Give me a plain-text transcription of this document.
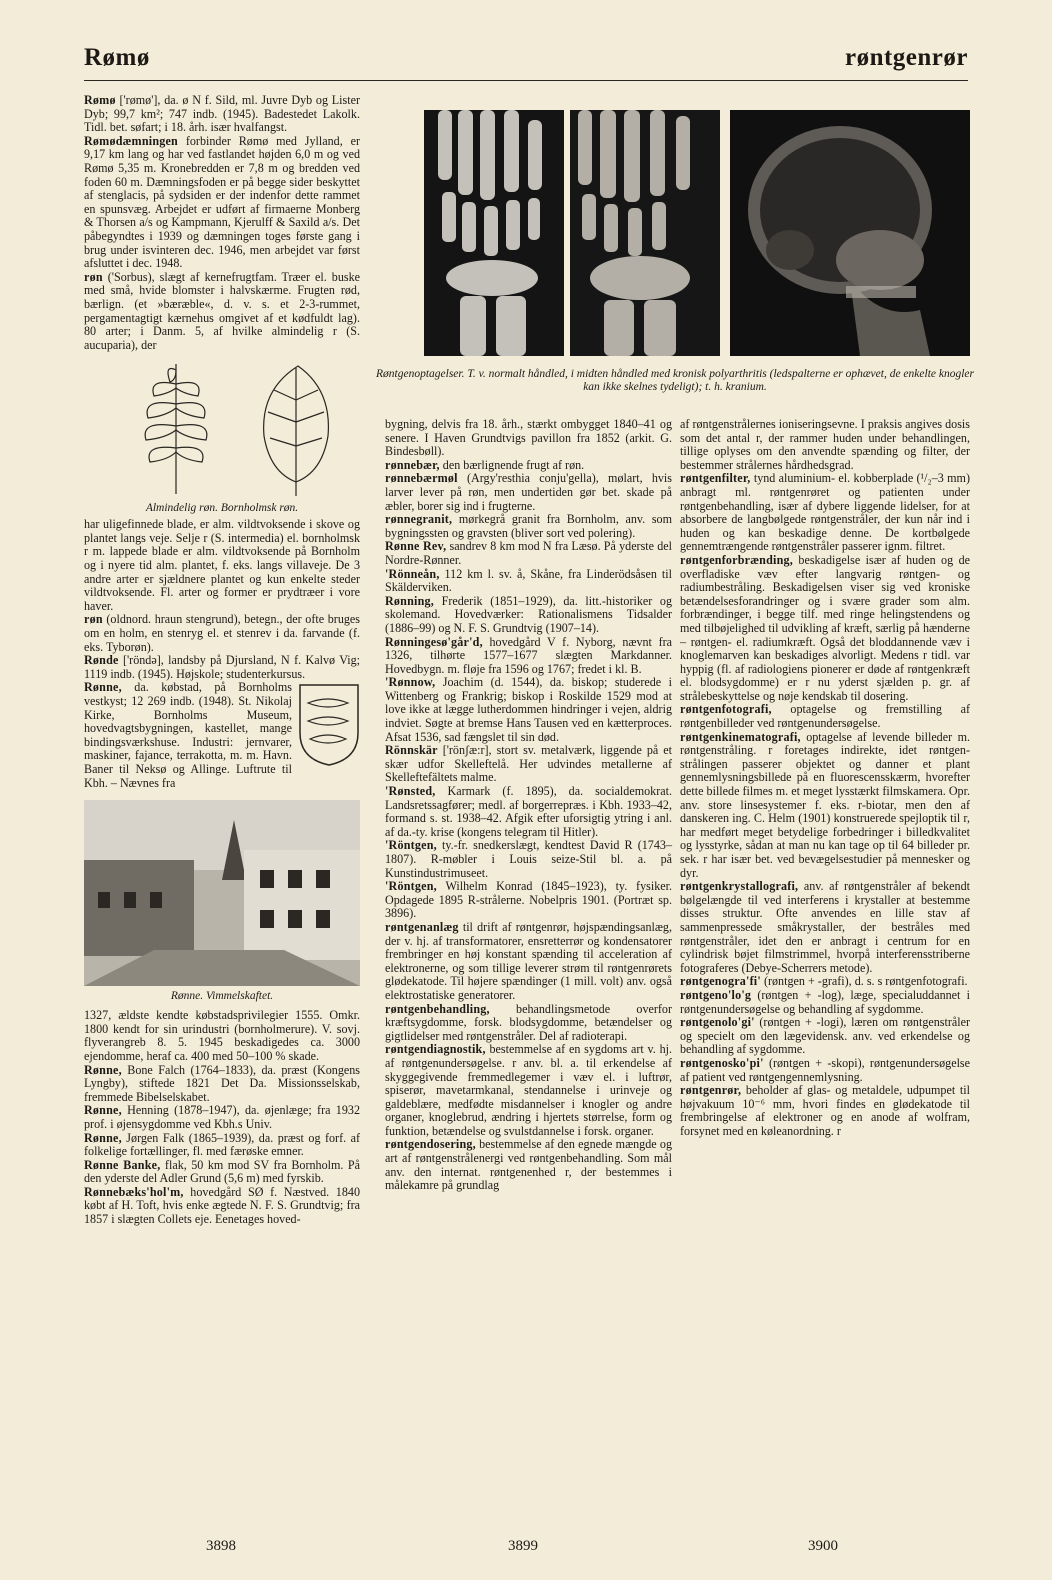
Rømø	røntgenrør
Røntgenoptagelser. T. v. normalt håndled, i midten håndled med kronisk polyarthritis (ledspalterne er ophævet, de enkelte knogler kan ikke skelnes tydeligt); t. h. kranium.

Rømø ['rømø'], da. ø N f. Sild, ml. Juvre Dyb og Lister Dyb; 99,7 km²; 747 indb. (1945). Badestedet Lakolk. Tidl. bet. søfart; i 18. årh. især hvalfangst.

Rømødæmningen forbinder Rømø med Jylland, er 9,17 km lang og har ved fastlandet højden 6,0 m og ved Rømø 5,35 m. Kronebredden er 7,8 m og bredden ved foden 60 m. Dæmningsfoden er på begge sider beskyttet af stenglacis, på sydsiden er der indenfor dette rammet en spunsvæg. Arbejdet er udført af firmaerne Monberg & Thorsen a/s og Kampmann, Kjerulff & Saxild a/s. Det påbegyndtes i 1939 og dæmningen toges første gang i brug under isvinteren dec. 1946, men arbejdet var først afsluttet i dec. 1948.

røn ('Sorbus), slægt af kernefrugtfam. Træer el. buske med små, hvide blomster i halvskærme. Frugten rød, bærlign. (et »bæræble«, d. v. s. et 2-3-rummet, pergamentagtigt kærnehus omgivet af et kødfuldt lag). 80 arter; i Danm. 5, af hvilke almindelig r (S. aucuparia), der

Almindelig røn. Bornholmsk røn.

har uligefinnede blade, er alm. vildtvoksende i skove og plantet langs veje. Selje r (S. intermedia) el. bornholmsk r m. lappede blade er alm. vildtvoksende på Bornholm og i nyere tid alm. plantet, f. eks. langs villaveje. De 3 andre arter er sjældnere plantet og kun enkelte steder vildtvoksende. Fl. arter og former er prydtræer i vore haver.

røn (oldnord. hraun stengrund), betegn., der ofte bruges om en holm, en stenryg el. et stenrev i da. farvande (f. eks. Tyborøn).

Rønde ['röndə], landsby på Djursland, N f. Kalvø Vig; 1119 indb. (1945). Højskole; studenterkursus.

Rønne, da. købstad, på Bornholms vestkyst; 12 269 indb. (1948). St. Nikolaj Kirke, Bornholms Museum, hovedvagtsbygningen, kastellet, mange bindingsværkshuse. Industri: jernvarer, maskiner, fajance, terrakotta, m. m. Havn. Baner til Neksø og Allinge. Luftrute til Kbh. – Nævnes fra

Rønne. Vimmelskaftet.

1327, ældste kendte købstadsprivilegier 1555. Omkr. 1800 kendt for sin urindustri (bornholmerure). V. sovj. flyverangreb 8. 5. 1945 beskadigedes ca. 3000 ejendomme, heraf ca. 400 med 50–100 % skade.

Rønne, Bone Falch (1764–1833), da. præst (Kongens Lyngby), stiftede 1821 Det Da. Missionsselskab, fremmede Bibelselskabet.

Rønne, Henning (1878–1947), da. øjenlæge; fra 1932 prof. i øjensygdomme ved Kbh.s Univ.

Rønne, Jørgen Falk (1865–1939), da. præst og forf. af folkelige fortællinger, fl. med færøske emner.

Rønne Banke, flak, 50 km mod SV fra Bornholm. På den yderste del Adler Grund (5,6 m) med fyrskib.

Rønnebæks'hol'm, hovedgård SØ f. Næstved. 1840 købt af H. Toft, hvis enke ægtede N. F. S. Grundtvig; fra 1857 i slægten Collets eje. Eenetages hoved-

bygning, delvis fra 18. årh., stærkt ombygget 1840–41 og senere. I Haven Grundtvigs pavillon fra 1852 (arkit. G. Bindesbøll).

rønnebær, den bærlignende frugt af røn.

rønnebærmøl (Argy'resthia conju'gella), mølart, hvis larver lever på røn, men undertiden gør bet. skade på æbler, borer sig ind i frugterne.

rønnegranit, mørkegrå granit fra Bornholm, anv. som bygningssten og gravsten (bliver sort ved polering).

Rønne Rev, sandrev 8 km mod N fra Læsø. På yderste del Nordre-Rønner.

'Rönneån, 112 km l. sv. å, Skåne, fra Linderödsåsen til Skälderviken.

Rønning, Frederik (1851–1929), da. litt.-historiker og skolemand. Hovedværker: Rationalismens Tidsalder (1886–99) og N. F. S. Grundtvig (1907–14).

Rønningesø'går'd, hovedgård V f. Nyborg, nævnt fra 1326, tilhørte 1577–1677 slægten Markdanner. Hovedbygn. m. fløje fra 1596 og 1767; fredet i kl. B.

'Rønnow, Joachim (d. 1544), da. biskop; studerede i Wittenberg og Frankrig; biskop i Roskilde 1529 mod at love ikke at lægge lutherdommen hindringer i vejen, aldrig indviet. Søgte at bremse Hans Tausen ved en kætterproces. Afsat 1536, sad fængslet til sin død.

Rönnskär ['rönʃæ:r], stort sv. metalværk, liggende på et skær udfor Skelleftelå. Her udvindes metallerne af Skelleftefältets malme.

'Rønsted, Karmark (f. 1895), da. socialdemokrat. Landsretssagfører; medl. af borgerrepræs. i Kbh. 1933–42, formand s. st. 1938–42. Afgik efter uforsigtig ytring i anl. af da.-ty. krise (kongens telegram til Hitler).

'Röntgen, ty.-fr. snedkerslægt, kendtest David R (1743–1807). R-møbler i Louis seize-Stil bl. a. på Kunstindustrimuseet.

'Röntgen, Wilhelm Konrad (1845–1923), ty. fysiker. Opdagede 1895 R-strålerne. Nobelpris 1901. (Portræt sp. 3896).

røntgenanlæg til drift af røntgenrør, højspændingsanlæg, der v. hj. af transformatorer, ensretterrør og kondensatorer frembringer en høj konstant spænding til acceleration af elektronerne, og som tillige leverer strøm til røntgenrørets glødekatode. Til højere spændinger (1 mill. volt) anv. også elektrostatiske generatorer.

røntgenbehandling, behandlingsmetode overfor kræftsygdomme, forsk. blodsygdomme, betændelser og gigtlidelser med røntgenstråler. Del af radioterapi.

røntgendiagnostik, bestemmelse af en sygdoms art v. hj. af røntgenundersøgelse. r anv. bl. a. til erkendelse af skyggegivende fremmedlegemer i væv el. i luftrør, spiserør, mavetarmkanal, stendannelse i urinveje og galdeblære, medfødte misdannelser i knogler og andre organer, knoglebrud, ændring i hjertets størrelse, form og funktion, betændelse og svulstdannelse i forsk. organer.

røntgendosering, bestemmelse af den egnede mængde og art af røntgenstrålenergi ved røntgenbehandling. Som mål anv. den internat. røntgenenhed r, der bestemmes i målekamre på grundlag

af røntgenstrålernes ioniseringsevne. I praksis angives dosis som det antal r, der rammer huden under behandlingen, tillige oplyses om den anvendte spænding og filter, der bestemmer strålernes hårdhedsgrad.

røntgenfilter, tynd aluminium- el. kobberplade (¹/₂–3 mm) anbragt ml. røntgenrøret og patienten under røntgenbehandling, især af dybere liggende lidelser, for at absorbere de langbølgede røntgenstråler, der kun når ind i huden og kan beskadige denne. De kortbølgede gennemtrængende røntgenstråler passerer ignm. filtret.

røntgenforbrænding, beskadigelse især af huden og de overfladiske væv efter langvarig røntgen- og radiumbestråling. Beskadigelsen viser sig ved kroniske betændelsesforandringer og i svære grader som alm. forbrændinger, i begge tilf. med ringe helingstendens og med tilbøjelighed til udvikling af kræft, særlig på hænderne – røntgen- el. radiumkræft. Også det bloddannende væv i knoglemarven kan beskadiges alvorligt. Medens r tidl. var hyppig (fl. af radiologiens pionerer er døde af røntgenkræft el. blodsygdomme) er r nu yderst sjælden p. gr. af strålebeskyttelse og nøje kendskab til dosering.

røntgenfotografi, optagelse og fremstilling af røntgenbilleder ved røntgenundersøgelse.

røntgenkinematografi, optagelse af levende billeder m. røntgenstråling. r foretages indirekte, idet røntgen-strålingen passerer objektet og danner et plant gennemlysningsbillede på en fluorescensskærm, hvorefter dette billede filmes m. et meget lysstærkt filmskamera. Opr. anv. store linsesystemer f. eks. r-biotar, men den af danskeren ing. C. Helm (1901) konstruerede spejloptik til r, har medført meget betydelige forbedringer i billedkvalitet og lysstyrke, sådan at man nu kan tage op til 64 billeder pr. sek. r har især bet. ved bevægelsestudier på mennesker og dyr.

røntgenkrystallografi, anv. af røntgenstråler af bekendt bølgelængde til ved interferens i krystaller at bestemme disses struktur. Ofte anvendes en lille stav af sammenpressede småkrystaller, der bestråles med røntgenstråler, idet den er anbragt i centrum for en cylindrisk bøjet filmstrimmel, hvorpå interferensstriberne fotograferes (Debye-Scherrers metode).

røntgenogra'fi' (røntgen + -grafi), d. s. s røntgenfotografi.

røntgeno'lo'g (røntgen + -log), læge, specialuddannet i røntgenundersøgelse og behandling af sygdomme.

røntgenolo'gi' (røntgen + -logi), læren om røntgenstråler og specielt om den lægevidensk. anv. ved erkendelse og behandling af sygdomme.

røntgenosko'pi' (røntgen + -skopi), røntgenundersøgelse af patient ved røntgengennemlysning.

røntgenrør, beholder af glas- og metaldele, udpumpet til højvakuum 10⁻⁶ mm, hvori findes en glødekatode til frembringelse af elektroner og en anode af wolfram, forsynet med en køleanordning. r

3898	3899	3900
